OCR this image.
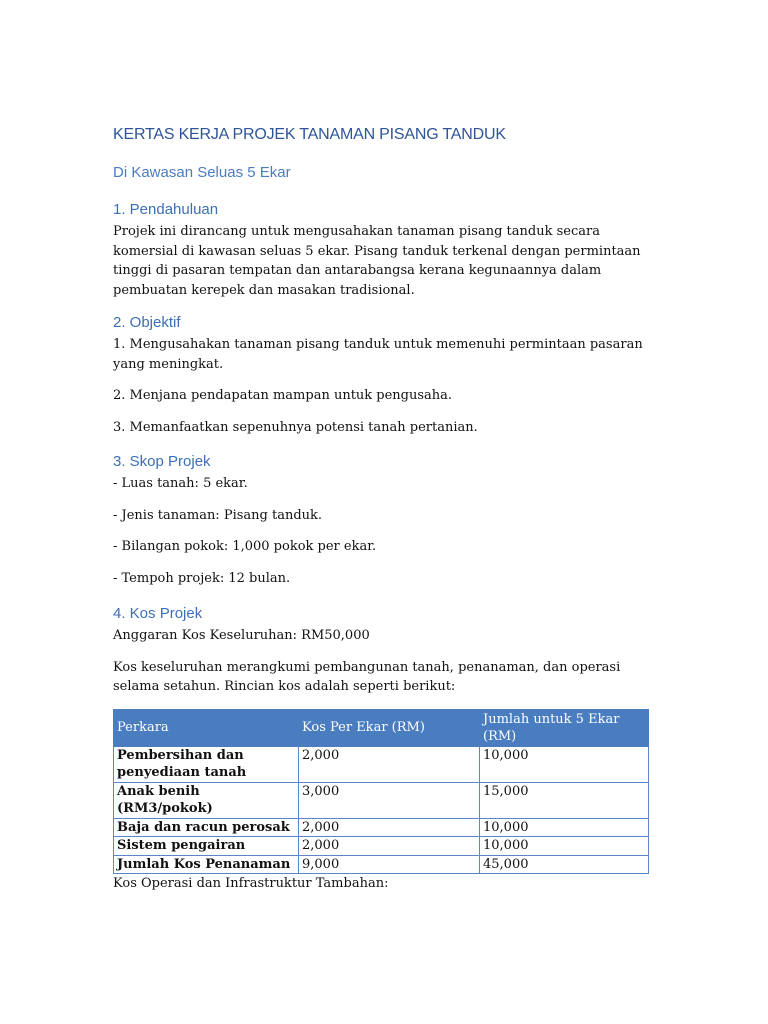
KERTAS KERJA PROJEK TANAMAN PISANG TANDUK
Di Kawasan Seluas 5 Ekar
1. Pendahuluan

Projek ini dirancang untuk mengusahakan tanaman pisang tanduk secara komersial di kawasan seluas 5 ekar. Pisang tanduk terkenal dengan permintaan tinggi di pasaran tempatan dan antarabangsa kerana kegunaannya dalam pembuatan kerepek dan masakan tradisional.

2. Objektif

1. Mengusahakan tanaman pisang tanduk untuk memenuhi permintaan pasaran yang meningkat.

2. Menjana pendapatan mampan untuk pengusaha.

3. Memanfaatkan sepenuhnya potensi tanah pertanian.

3. Skop Projek

- Luas tanah: 5 ekar.

- Jenis tanaman: Pisang tanduk.

- Bilangan pokok: 1,000 pokok per ekar.

- Tempoh projek: 12 bulan.

4. Kos Projek

Anggaran Kos Keseluruhan: RM50,000

Kos keseluruhan merangkumi pembangunan tanah, penanaman, dan operasi selama setahun. Rincian kos adalah seperti berikut:

Perkara	Kos Per Ekar (RM)	Jumlah untuk 5 Ekar (RM)
Pembersihan dan penyediaan tanah	2,000	10,000
Anak benih (RM3/pokok)	3,000	15,000
Baja dan racun perosak	2,000	10,000
Sistem pengairan	2,000	10,000
Jumlah Kos Penanaman	9,000	45,000

Kos Operasi dan Infrastruktur Tambahan:
